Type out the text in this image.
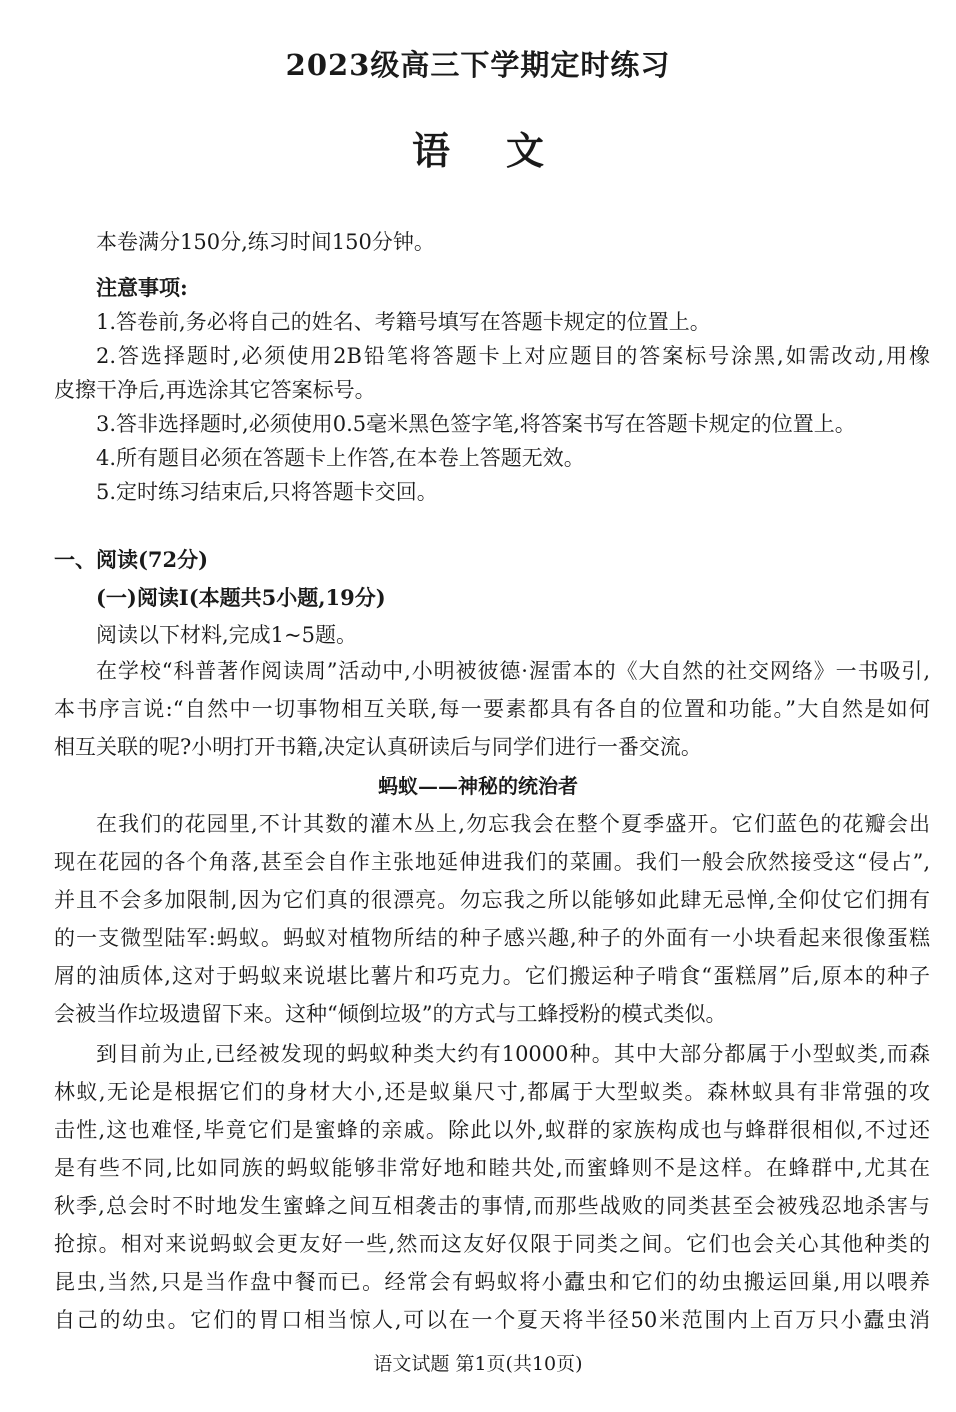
2023级高三下学期定时练习
语 文
本卷满分150分,练习时间150分钟。
注意事项:
1.答卷前,务必将自己的姓名、考籍号填写在答题卡规定的位置上。
2.答选择题时,必须使用2B铅笔将答题卡上对应题目的答案标号涂黑,如需改动,用橡
皮擦干净后,再选涂其它答案标号。
3.答非选择题时,必须使用0.5毫米黑色签字笔,将答案书写在答题卡规定的位置上。
4.所有题目必须在答题卡上作答,在本卷上答题无效。
5.定时练习结束后,只将答题卡交回。
一、阅读(72分)
(一)阅读Ⅰ(本题共5小题,19分)
阅读以下材料,完成1~5题。
在学校“科普著作阅读周”活动中,小明被彼德·渥雷本的《大自然的社交网络》一书吸引,
本书序言说:“自然中一切事物相互关联,每一要素都具有各自的位置和功能。”大自然是如何
相互关联的呢?小明打开书籍,决定认真研读后与同学们进行一番交流。
蚂蚁——神秘的统治者
在我们的花园里,不计其数的灌木丛上,勿忘我会在整个夏季盛开。它们蓝色的花瓣会出
现在花园的各个角落,甚至会自作主张地延伸进我们的菜圃。我们一般会欣然接受这“侵占”,
并且不会多加限制,因为它们真的很漂亮。勿忘我之所以能够如此肆无忌惮,全仰仗它们拥有
的一支微型陆军:蚂蚁。蚂蚁对植物所结的种子感兴趣,种子的外面有一小块看起来很像蛋糕
屑的油质体,这对于蚂蚁来说堪比薯片和巧克力。它们搬运种子啃食“蛋糕屑”后,原本的种子
会被当作垃圾遗留下来。这种“倾倒垃圾”的方式与工蜂授粉的模式类似。
到目前为止,已经被发现的蚂蚁种类大约有10000种。其中大部分都属于小型蚁类,而森
林蚁,无论是根据它们的身材大小,还是蚁巢尺寸,都属于大型蚁类。森林蚁具有非常强的攻
击性,这也难怪,毕竟它们是蜜蜂的亲戚。除此以外,蚁群的家族构成也与蜂群很相似,不过还
是有些不同,比如同族的蚂蚁能够非常好地和睦共处,而蜜蜂则不是这样。在蜂群中,尤其在
秋季,总会时不时地发生蜜蜂之间互相袭击的事情,而那些战败的同类甚至会被残忍地杀害与
抢掠。相对来说蚂蚁会更友好一些,然而这友好仅限于同类之间。它们也会关心其他种类的
昆虫,当然,只是当作盘中餐而已。经常会有蚂蚁将小蠹虫和它们的幼虫搬运回巢,用以喂养
自己的幼虫。它们的胃口相当惊人,可以在一个夏天将半径50米范围内上百万只小蠹虫消
语文试题 第1页(共10页)
